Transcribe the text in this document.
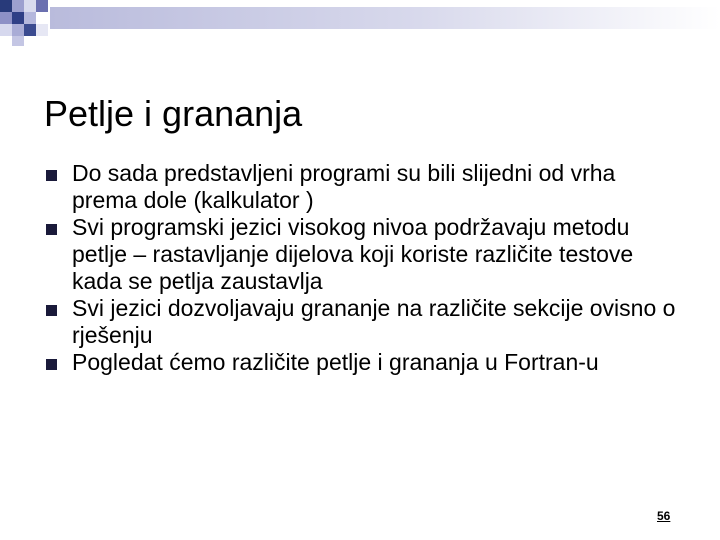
Petlje i grananja
Do sada predstavljeni programi su bili slijedni od vrha prema dole (kalkulator )
Svi programski jezici visokog nivoa podržavaju metodu petlje – rastavljanje dijelova koji koriste različite testove kada se petlja zaustavlja
Svi jezici dozvoljavaju grananje na različite sekcije ovisno o rješenju
Pogledat ćemo različite petlje i grananja u Fortran-u
56
